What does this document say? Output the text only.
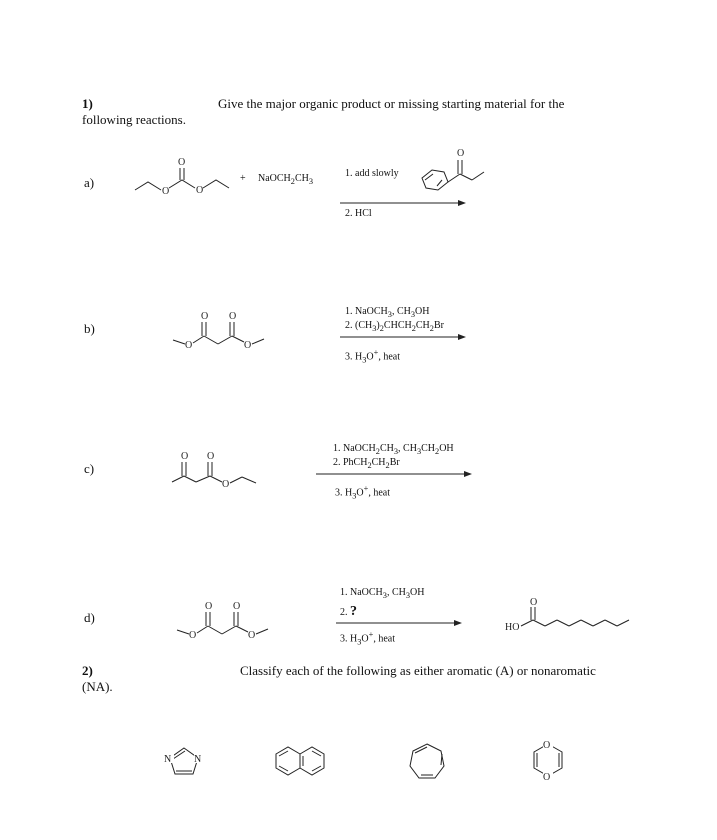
1)	Give the major organic product or missing starting material for the
following reactions.
a)
O	O
O
+ $NaOCH_2CH_3$
1. add slowly
2. HCl
O
b)
O	O
O O	1. NaOCH$_3$, $CH_3OH$
2. $(CH_3)_2CHCH_2CH_2Br$
3. $H_3O^+$, heat
c)
O
O O
1. $NaOCH_2CH_3$, $CH_3CH_2OH$
2. $PhCH_2CH_2Br$
3. $H_3O^+$, heat
d)
O	O
O O
1. NaOCH$_3$, $CH_3OH$
2. ?
3. $H_3O^+$, heat
HO
O
2)	Classify each of the following as either aromatic (A) or nonaromatic
(NA).
N N
O
O
